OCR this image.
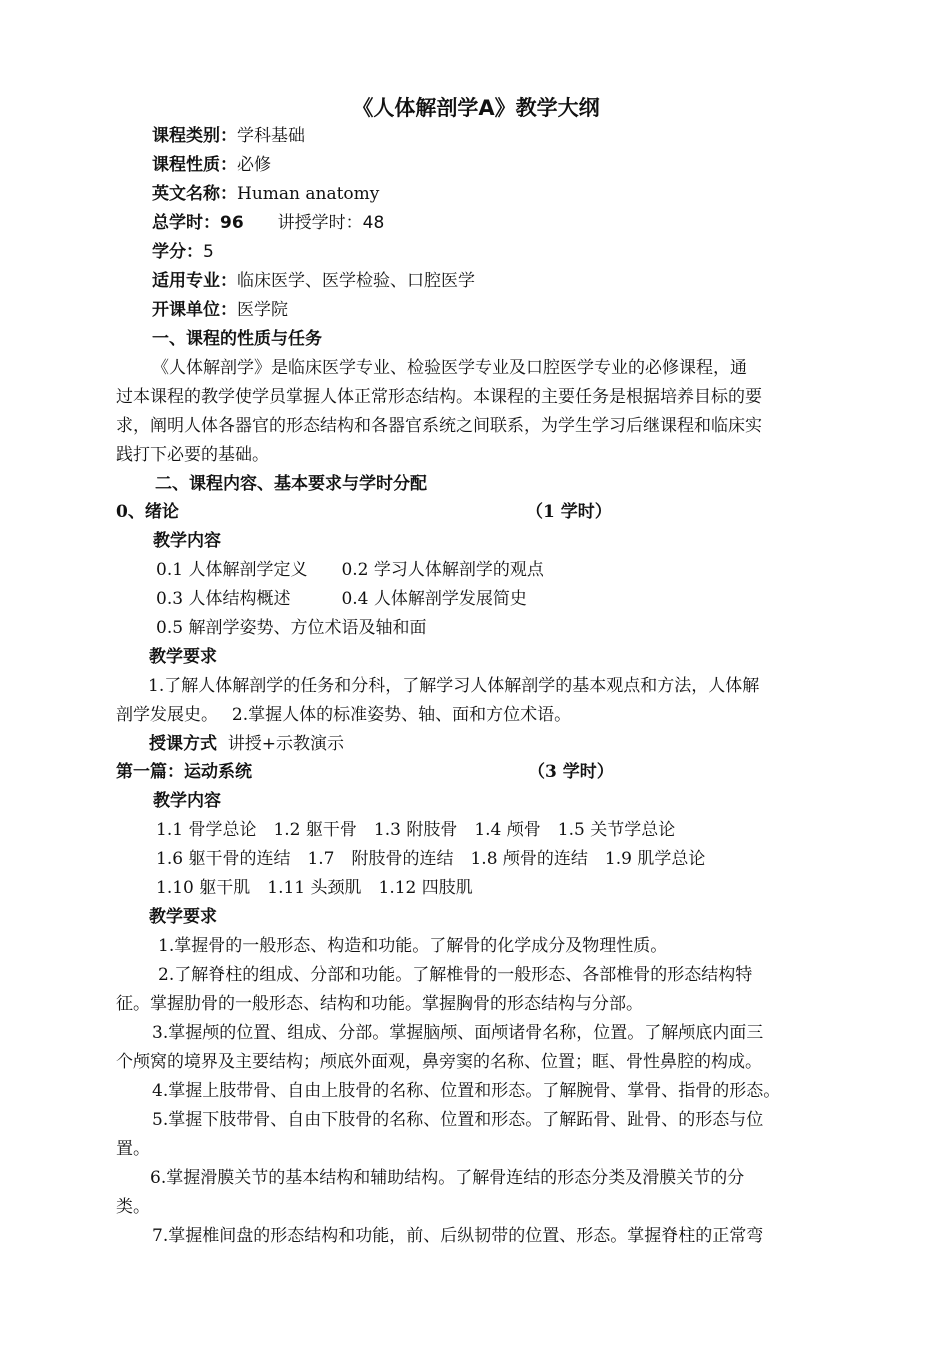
《人体解剖学A》教学大纲
课程类别：学科基础
课程性质：必修
英文名称：Human anatomy
总学时：96 讲授学时：48
学分：5
适用专业：临床医学、医学检验、口腔医学
开课单位：医学院
一、课程的性质与任务
《人体解剖学》是临床医学专业、检验医学专业及口腔医学专业的必修课程，通
过本课程的教学使学员掌握人体正常形态结构。本课程的主要任务是根据培养目标的要
求，阐明人体各器官的形态结构和各器官系统之间联系，为学生学习后继课程和临床实
践打下必要的基础。
二、课程内容、基本要求与学时分配
0、绪论	（1 学时）
教学内容
0.1 人体解剖学定义　　0.2 学习人体解剖学的观点
0.3 人体结构概述　　　0.4 人体解剖学发展简史
0.5 解剖学姿势、方位术语及轴和面
教学要求
1.了解人体解剖学的任务和分科，了解学习人体解剖学的基本观点和方法，人体解
剖学发展史。　 2.掌握人体的标准姿势、轴、面和方位术语。
授课方式 讲授+示教演示
第一篇：运动系统	（3 学时）
教学内容
1.1 骨学总论　1.2 躯干骨　1.3 附肢骨　1.4 颅骨　1.5 关节学总论
1.6 躯干骨的连结　1.7　附肢骨的连结　1.8 颅骨的连结　1.9 肌学总论
1.10 躯干肌　1.11 头颈肌　1.12 四肢肌
教学要求
1.掌握骨的一般形态、构造和功能。了解骨的化学成分及物理性质。
2.了解脊柱的组成、分部和功能。了解椎骨的一般形态、各部椎骨的形态结构特
征。掌握肋骨的一般形态、结构和功能。掌握胸骨的形态结构与分部。
3.掌握颅的位置、组成、分部。掌握脑颅、面颅诸骨名称，位置。了解颅底内面三
个颅窝的境界及主要结构；颅底外面观，鼻旁窦的名称、位置；眶、骨性鼻腔的构成。
4.掌握上肢带骨、自由上肢骨的名称、位置和形态。了解腕骨、掌骨、指骨的形态。
5.掌握下肢带骨、自由下肢骨的名称、位置和形态。了解跖骨、趾骨、的形态与位
置。
6.掌握滑膜关节的基本结构和辅助结构。了解骨连结的形态分类及滑膜关节的分
类。
7.掌握椎间盘的形态结构和功能，前、后纵韧带的位置、形态。掌握脊柱的正常弯
